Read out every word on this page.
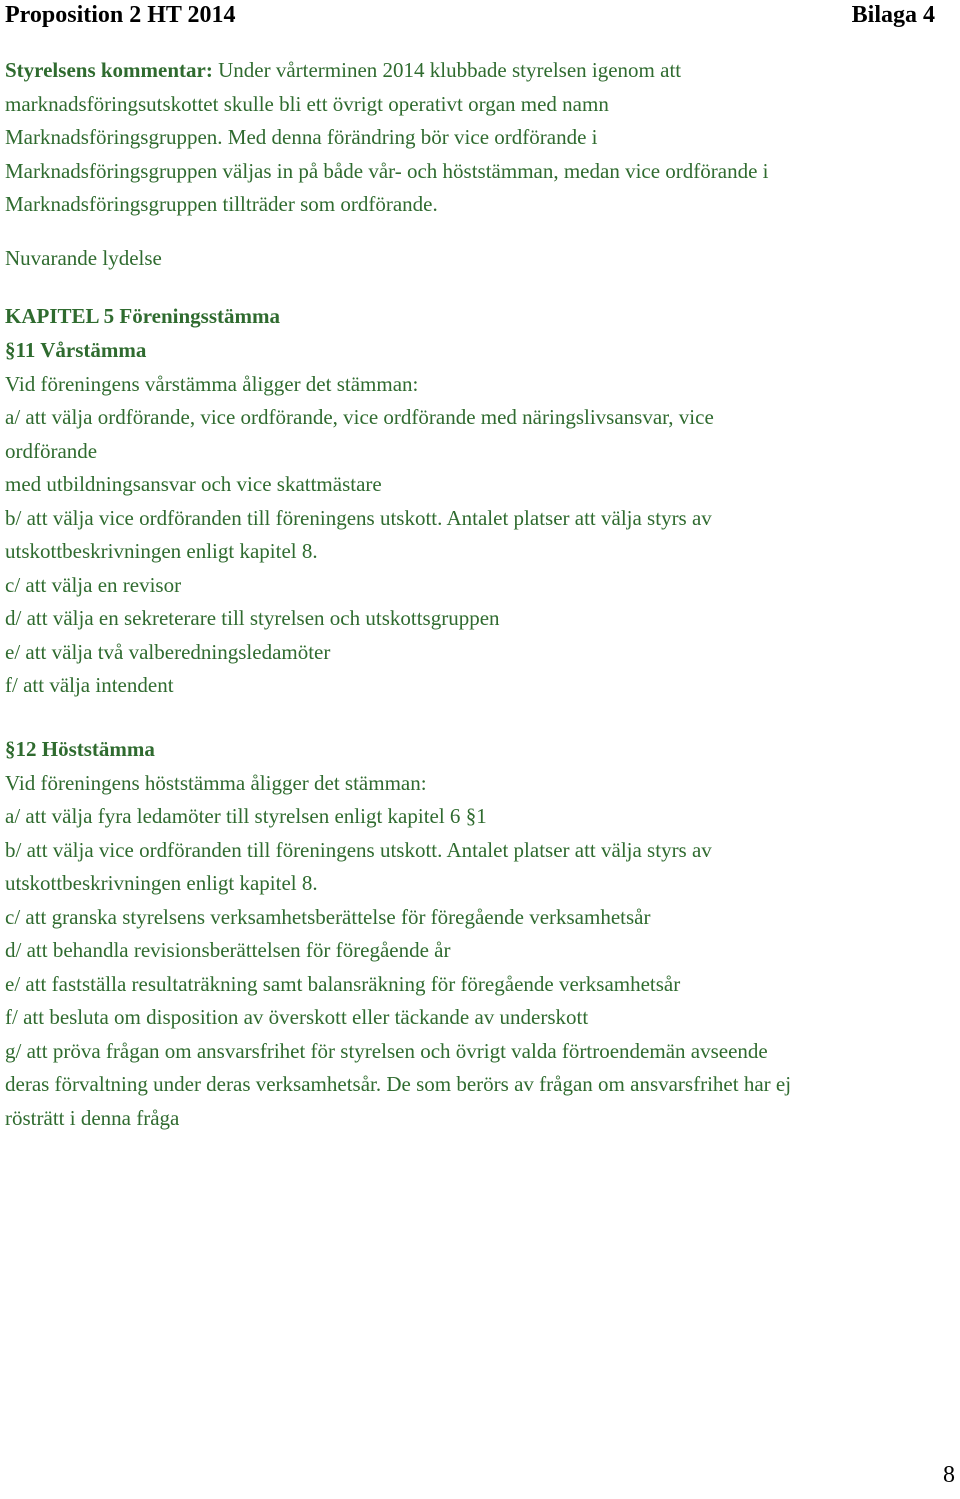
Proposition 2 HT 2014	Bilaga 4

Styrelsens kommentar: Under vårterminen 2014 klubbade styrelsen igenom att

marknadsföringsutskottet skulle bli ett övrigt operativt organ med namn

Marknadsföringsgruppen. Med denna förändring bör vice ordförande i

Marknadsföringsgruppen väljas in på både vår- och höststämman, medan vice ordförande i

Marknadsföringsgruppen tillträder som ordförande.

Nuvarande lydelse

KAPITEL 5 Föreningsstämma

§11 Vårstämma

Vid föreningens vårstämma åligger det stämman:

a/ att välja ordförande, vice ordförande, vice ordförande med näringslivsansvar, vice

ordförande

med utbildningsansvar och vice skattmästare

b/ att välja vice ordföranden till föreningens utskott. Antalet platser att välja styrs av

utskottbeskrivningen enligt kapitel 8.

c/ att välja en revisor

d/ att välja en sekreterare till styrelsen och utskottsgruppen

e/ att välja två valberedningsledamöter

f/ att välja intendent

§12 Höststämma

Vid föreningens höststämma åligger det stämman:

a/ att välja fyra ledamöter till styrelsen enligt kapitel 6 §1

b/ att välja vice ordföranden till föreningens utskott. Antalet platser att välja styrs av

utskottbeskrivningen enligt kapitel 8.

c/ att granska styrelsens verksamhetsberättelse för föregående verksamhetsår

d/ att behandla revisionsberättelsen för föregående år

e/ att fastställa resultaträkning samt balansräkning för föregående verksamhetsår

f/ att besluta om disposition av överskott eller täckande av underskott

g/ att pröva frågan om ansvarsfrihet för styrelsen och övrigt valda förtroendemän avseende

deras förvaltning under deras verksamhetsår. De som berörs av frågan om ansvarsfrihet har ej

rösträtt i denna fråga

8
